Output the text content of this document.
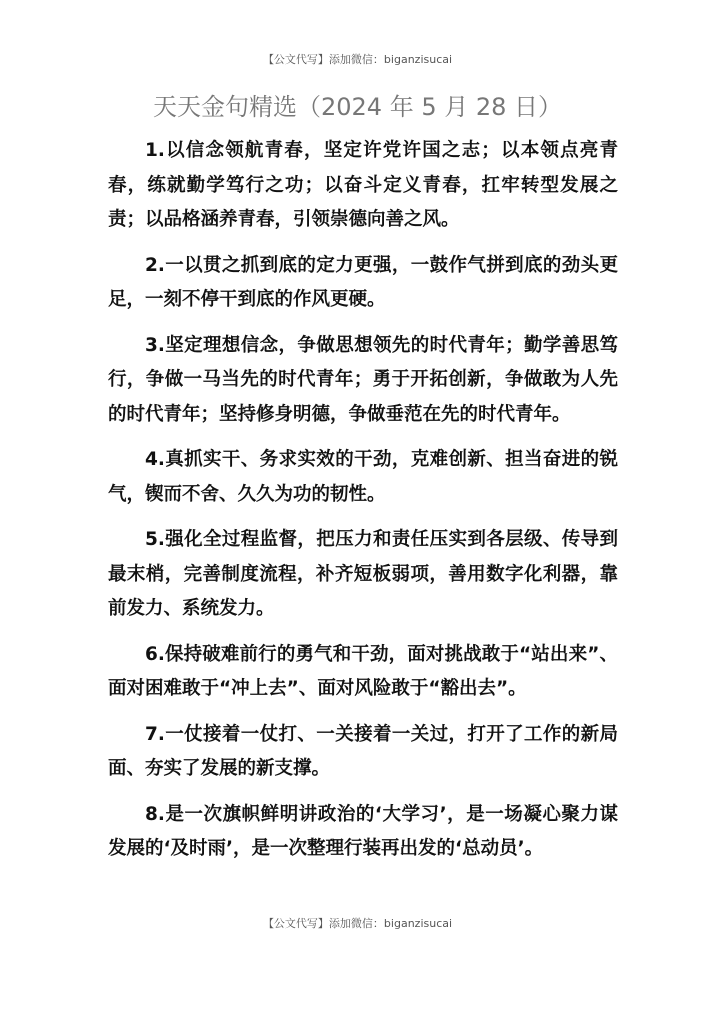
【公文代写】添加微信：biganzisucai
天天金句精选（2024 年 5 月 28 日）

1.以信念领航青春，坚定许党许国之志；以本领点亮青春，练就勤学笃行之功；以奋斗定义青春，扛牢转型发展之责；以品格涵养青春，引领崇德向善之风。

2.一以贯之抓到底的定力更强，一鼓作气拼到底的劲头更足，一刻不停干到底的作风更硬。

3.坚定理想信念，争做思想领先的时代青年；勤学善思笃行，争做一马当先的时代青年；勇于开拓创新，争做敢为人先的时代青年；坚持修身明德，争做垂范在先的时代青年。

4.真抓实干、务求实效的干劲，克难创新、担当奋进的锐气，锲而不舍、久久为功的韧性。

5.强化全过程监督，把压力和责任压实到各层级、传导到最末梢，完善制度流程，补齐短板弱项，善用数字化利器，靠前发力、系统发力。

6.保持破难前行的勇气和干劲，面对挑战敢于“站出来”、面对困难敢于“冲上去”、面对风险敢于“豁出去”。

7.一仗接着一仗打、一关接着一关过，打开了工作的新局面、夯实了发展的新支撑。

8.是一次旗帜鲜明讲政治的‘大学习’，是一场凝心聚力谋发展的‘及时雨’，是一次整理行装再出发的‘总动员’。

【公文代写】添加微信：biganzisucai
